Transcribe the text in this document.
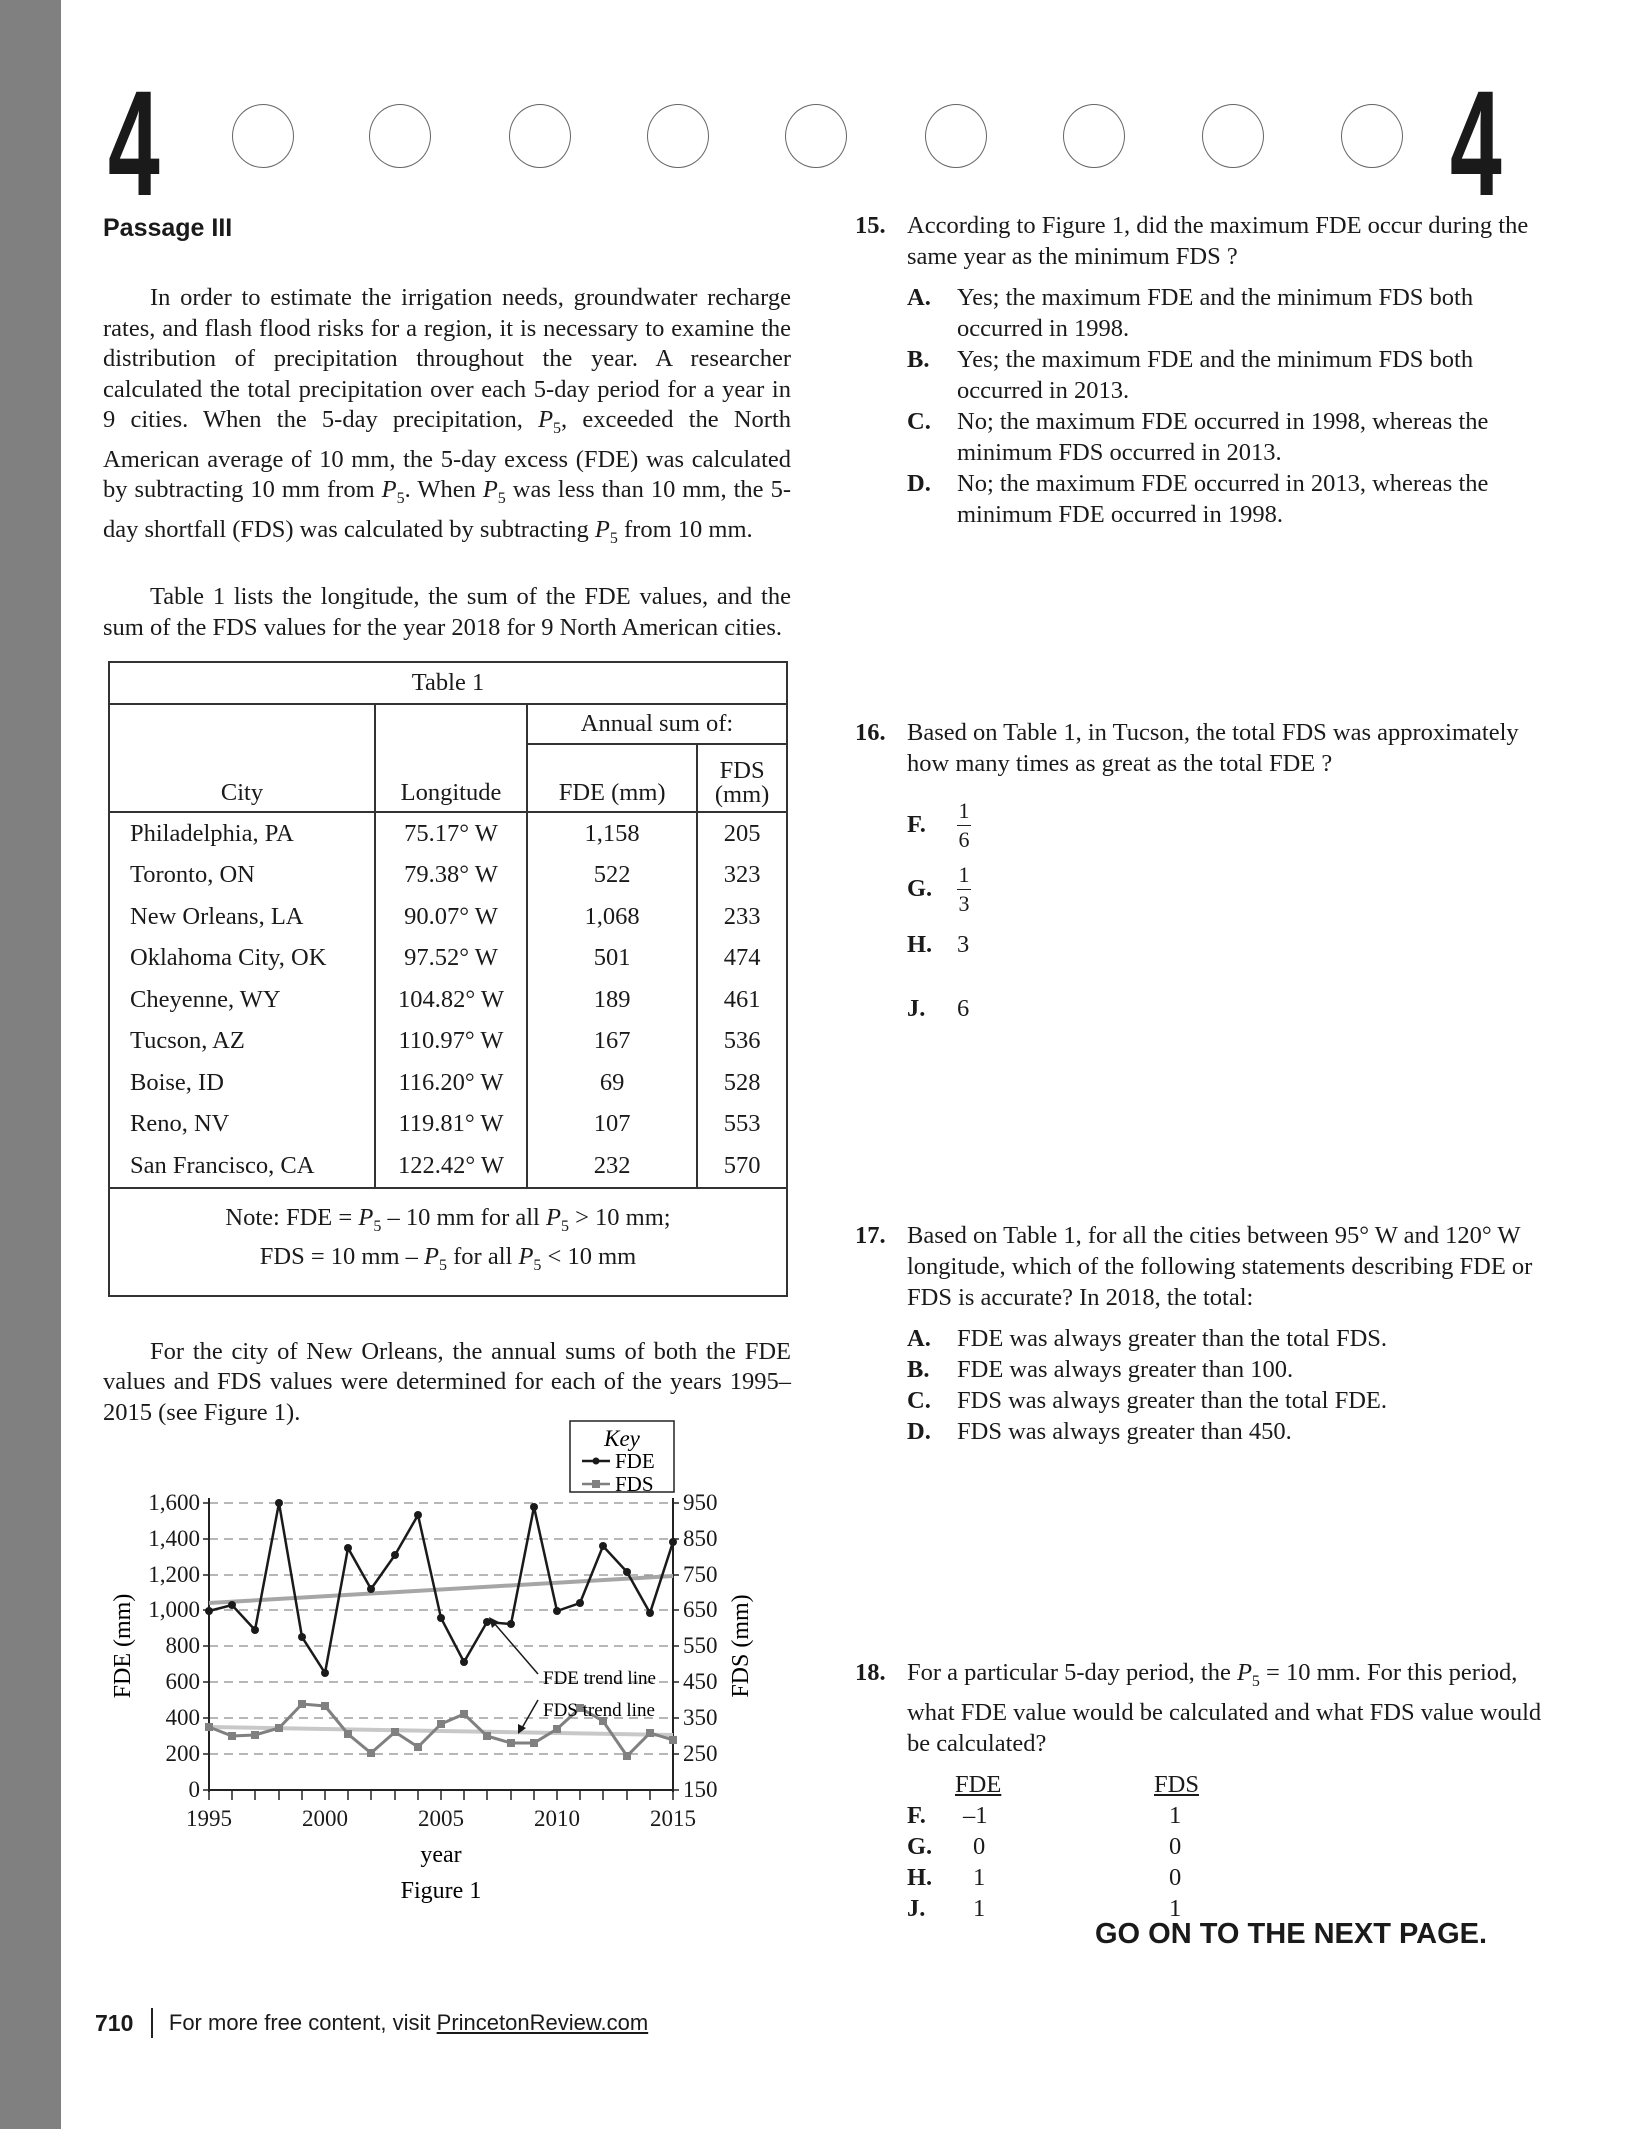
4	4
Passage III

In order to estimate the irrigation needs, groundwater recharge rates, and flash flood risks for a region, it is necessary to examine the distribution of precipitation throughout the year. A researcher calculated the total precipitation over each 5-day period for a year in 9 cities. When the 5-day precipitation, $P_5$, exceeded the North American average of 10 mm, the 5-day excess (FDE) was calculated by subtracting 10 mm from $P_5$. When $P_5$ was less than 10 mm, the 5-day shortfall (FDS) was calculated by subtracting $P_5$ from 10 mm.

Table 1 lists the longitude, the sum of the FDE values, and the sum of the FDS values for the year 2018 for 9 North American cities.

Table 1			
City	Longitude	Annual sum of:	
		FDE (mm)	FDS
(mm)
Philadelphia, PA	75.17° W	1,158	205
Toronto, ON	79.38° W	522	323
New Orleans, LA	90.07° W	1,068	233
Oklahoma City, OK	97.52° W	501	474
Cheyenne, WY	104.82° W	189	461
Tucson, AZ	110.97° W	167	536
Boise, ID	116.20° W	69	528
Reno, NV	119.81° W	107	553
San Francisco, CA	122.42° W	232	570
Note: FDE = $P_5 - 10$ mm for all $P_5 > 10$ mm;
FDS = 10 mm – $P_5$ for all $P_5 < 10$ mm			

For the city of New Orleans, the annual sums of both the FDE values and FDS values were determined for each of the years 1995–2015 (see Figure 1).

Key
FDE
FDS
0
200
400
600
800
1,000
1,200
1,400
1,600
150
250
350
450
550
650
750
850
950
1995	2000	2005	2010	2015
year
Figure 1
FDE (mm)	FDS (mm)
FDE trend line
FDS trend line
15. According to Figure 1, did the maximum FDE occur during the same year as the minimum FDS ?
A. Yes; the maximum FDE and the minimum FDS both occurred in 1998.
B. Yes; the maximum FDE and the minimum FDS both occurred in 2013.
C. No; the maximum FDE occurred in 1998, whereas the minimum FDS occurred in 2013.
D. No; the maximum FDE occurred in 2013, whereas the minimum FDE occurred in 1998.
16. Based on Table 1, in Tucson, the total FDS was approximately how many times as great as the total FDE ?
F. $\frac{1}{6}$
G. $\frac{1}{3}$
H. 3
J. 6
17. Based on Table 1, for all the cities between 95° W and 120° W longitude, which of the following statements describing FDE or FDS is accurate? In 2018, the total:
A. FDE was always greater than the total FDS.
B. FDE was always greater than 100.
C. FDS was always greater than the total FDE.
D. FDS was always greater than 450.
18. For a particular 5-day period, the $P_5 = 10$ mm. For this period, what FDE value would be calculated and what FDS value would be calculated?
FDE	FDS
F. –1	1
G. 0	0
H. 1	0
J. 1	1
GO ON TO THE NEXT PAGE.
710 For more free content, visit PrincetonReview.com
